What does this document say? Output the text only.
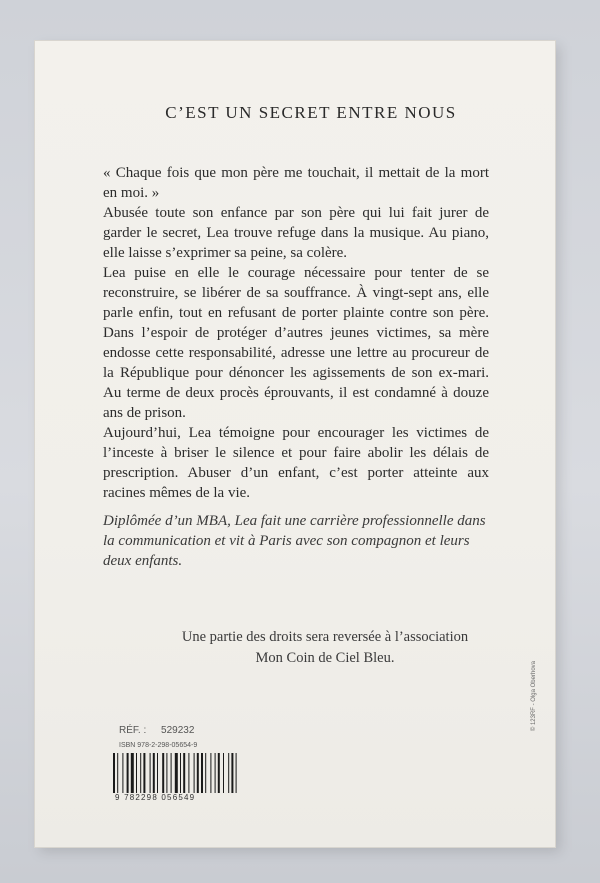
C’EST UN SECRET ENTRE NOUS

« Chaque fois que mon père me touchait, il mettait de la mort en moi. »

Abusée toute son enfance par son père qui lui fait jurer de garder le secret, Lea trouve refuge dans la musique. Au piano, elle laisse s’exprimer sa peine, sa colère.

Lea puise en elle le courage nécessaire pour tenter de se reconstruire, se libérer de sa souffrance. À vingt-sept ans, elle parle enfin, tout en refusant de porter plainte contre son père. Dans l’espoir de protéger d’autres jeunes victimes, sa mère endosse cette responsabilité, adresse une lettre au procureur de la République pour dénoncer les agissements de son ex-mari. Au terme de deux procès éprouvants, il est condamné à douze ans de prison.

Aujourd’hui, Lea témoigne pour encourager les victimes de l’inceste à briser le silence et pour faire abolir les délais de prescription. Abuser d’un enfant, c’est porter atteinte aux racines mêmes de la vie.

Diplômée d’un MBA, Lea fait une carrière professionnelle dans la communication et vit à Paris avec son compagnon et leurs deux enfants.

Une partie des droits sera reversée à l’association
Mon Coin de Ciel Bleu.
RÉF. : 529232
ISBN 978-2-298-05654-9
9 782298 056549
© 123RF - Olga Oberhova
